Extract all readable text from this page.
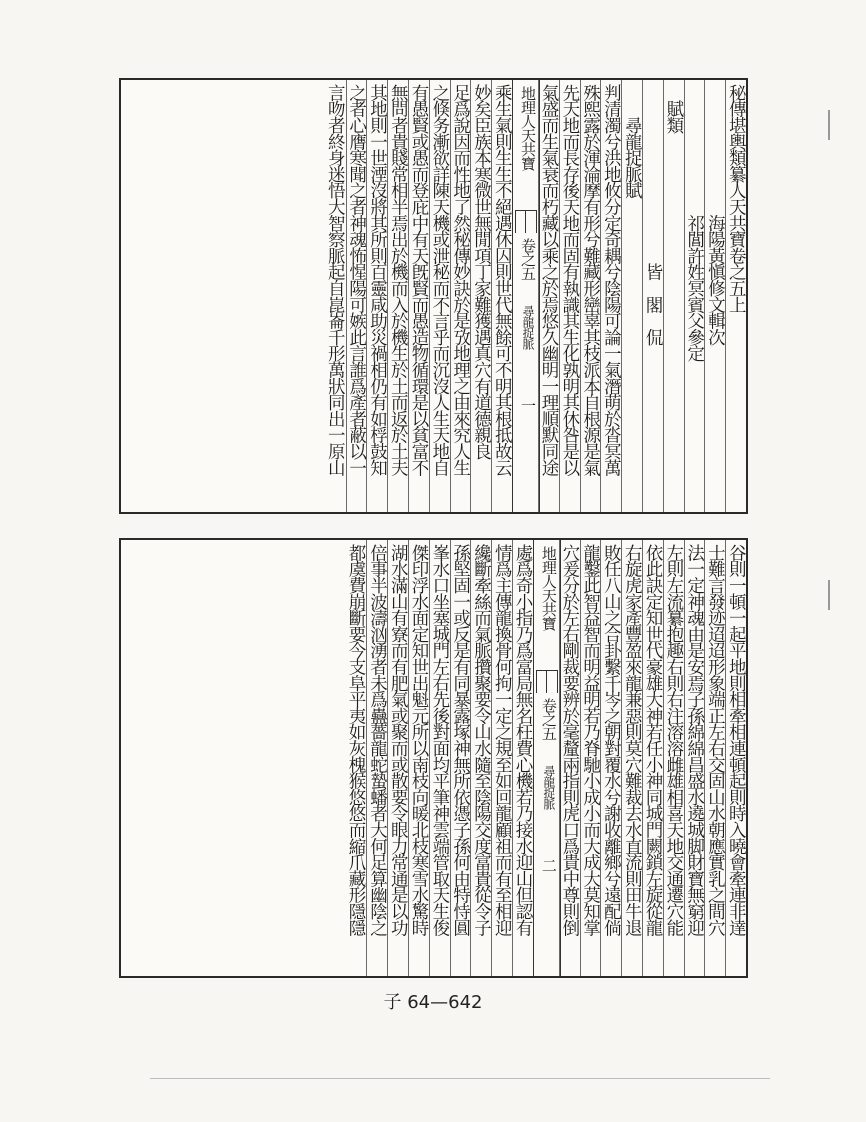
秘傳堪輿類纂人天共寶卷之五上
　　　　　　　　海陽黃愼修文輯次
　　　　　　　　祁閶許姓冥賓父參定
　賦類
　　　　　　　　　　　皆　閣　侃
　　尋龍捉脈賦
判清濁兮洪地攸分定奇耦兮陰陽可論一氣潛萌於沓冥萬
殊熙露於渾淪摩有形兮難藏形巒辜其枝派本自根源是氣
先天地而長存後天地而固有執識其生化孰明其休咎是以
氣盛而生氣衰而朽藏以乘之於焉悠久幽明一理順默同途
乘生氣則生生不絕遇休囚則世代無餘可不明其根抵故云
妙矣臣族本寒微世無閒項丁家難獲遇真穴有道德親良
足爲說因而性地了然秘傳妙訣於是攷地理之由來究人生
之倏务漸欲詳陳天機或泄秘而不言乎而沉沒人生天地自
有愚賢或愚而登庇中有天旣賢而愚造物循環是以貧富不
無問者貴賤常相半焉出於機而入於機生於土而返於土夫
其地則一世湮沒將其所則百靈咸助災禍相仍有如桴鼓知
之者心膺寒聞之者神魂怖惺陽可嫉此言誰爲產者蔽以一
言吻者終身迷悟大智察脈起自崑崙千形萬狀同出一原山	地理人天共寶
卷之五
尋龍捉脈
一
谷則一頓一起平地則相牽相連頓起則時入曉會牽連非達
士難言發迹迢迢形象端正左右交固山水朝應實乳之間穴
法一定神魂由是安焉子孫綿綿昌盛水遶城脚財寶無窮迎
左則左流纂抱趣右則右注溶溶雌雄相喜天地交通遷穴能
依此訣定知世代豪雄大神若任小神同城門闕鎖左旋從龍
右旋虎家產豐盈來龍兼惡則莫穴難裁去水直流則田牛退
敗任八山之合卦繫千岑之朝對覆水兮謝收離鄉兮遠配倘
龍鑿此智益智而明益明若乃脊馳小成小而大成大莫知掌
穴爰分於左右剛裁要辨於毫釐兩指則虎口爲貴中尊則倒
處爲奇小指乃爲富局無名枉費心機若乃接水迎山但認有
情爲主傳龍換骨何拘一定之規至如回龍顧祖而有至相迎
纔斷牽絲而氣脈攢聚要令山水隨至陰陽交度富貴從令子
孫堅固一或反是有同暴露塚神無所依憑子孫何由特恃圓
峯水口坐塞城門左右先後對面均平筆神雲端管取天生俊
傑印浮水面定知世出魁元所以南枝向暖北枝寒雪水驚時
湖水滿山有寮而有肥氣或聚而或散要令眼力常通是以功
倍事半波濤汹湧者未爲蠱薔龍蛇蟄蟠者大何足算幽陰之
都虞費崩斷要今支阜平夷如灰槐猴悠悠而縮爪藏形隱隱	地理人天共寶
卷之五
尋龍捉脈
二
子 64—642
